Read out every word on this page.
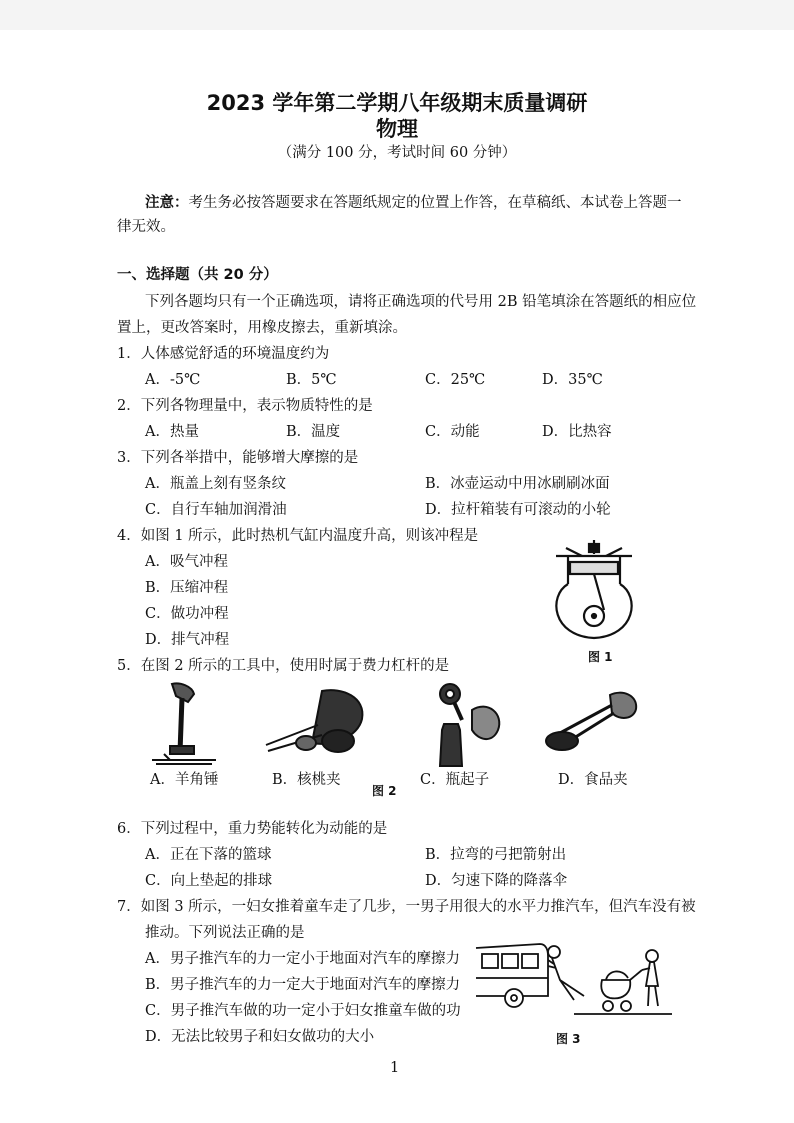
2023 学年第二学期八年级期末质量调研
物理
（满分 100 分，考试时间 60 分钟）
注意：考生务必按答题要求在答题纸规定的位置上作答，在草稿纸、本试卷上答题一
律无效。
一、选择题（共 20 分）
下列各题均只有一个正确选项，请将正确选项的代号用 2B 铅笔填涂在答题纸的相应位
置上，更改答案时，用橡皮擦去，重新填涂。
1．人体感觉舒适的环境温度约为
A．-5℃	B．5℃	C．25℃	D．35℃
2．下列各物理量中，表示物质特性的是
A．热量	B．温度	C．动能	D．比热容
3．下列各举措中，能够增大摩擦的是
A．瓶盖上刻有竖条纹	B．冰壶运动中用冰刷刷冰面
C．自行车轴加润滑油	D．拉杆箱装有可滚动的小轮
4．如图 1 所示，此时热机气缸内温度升高，则该冲程是
A．吸气冲程
B．压缩冲程
C．做功冲程
D．排气冲程
图 1
5．在图 2 所示的工具中，使用时属于费力杠杆的是
A．羊角锤	B．核桃夹	C．瓶起子	D．食品夹
图 2
6．下列过程中，重力势能转化为动能的是
A．正在下落的篮球	B．拉弯的弓把箭射出
C．向上垫起的排球	D．匀速下降的降落伞
7．如图 3 所示，一妇女推着童车走了几步，一男子用很大的水平力推汽车，但汽车没有被
推动。下列说法正确的是
A．男子推汽车的力一定小于地面对汽车的摩擦力
B．男子推汽车的力一定大于地面对汽车的摩擦力
C．男子推汽车做的功一定小于妇女推童车做的功
D．无法比较男子和妇女做功的大小	图 3
1
